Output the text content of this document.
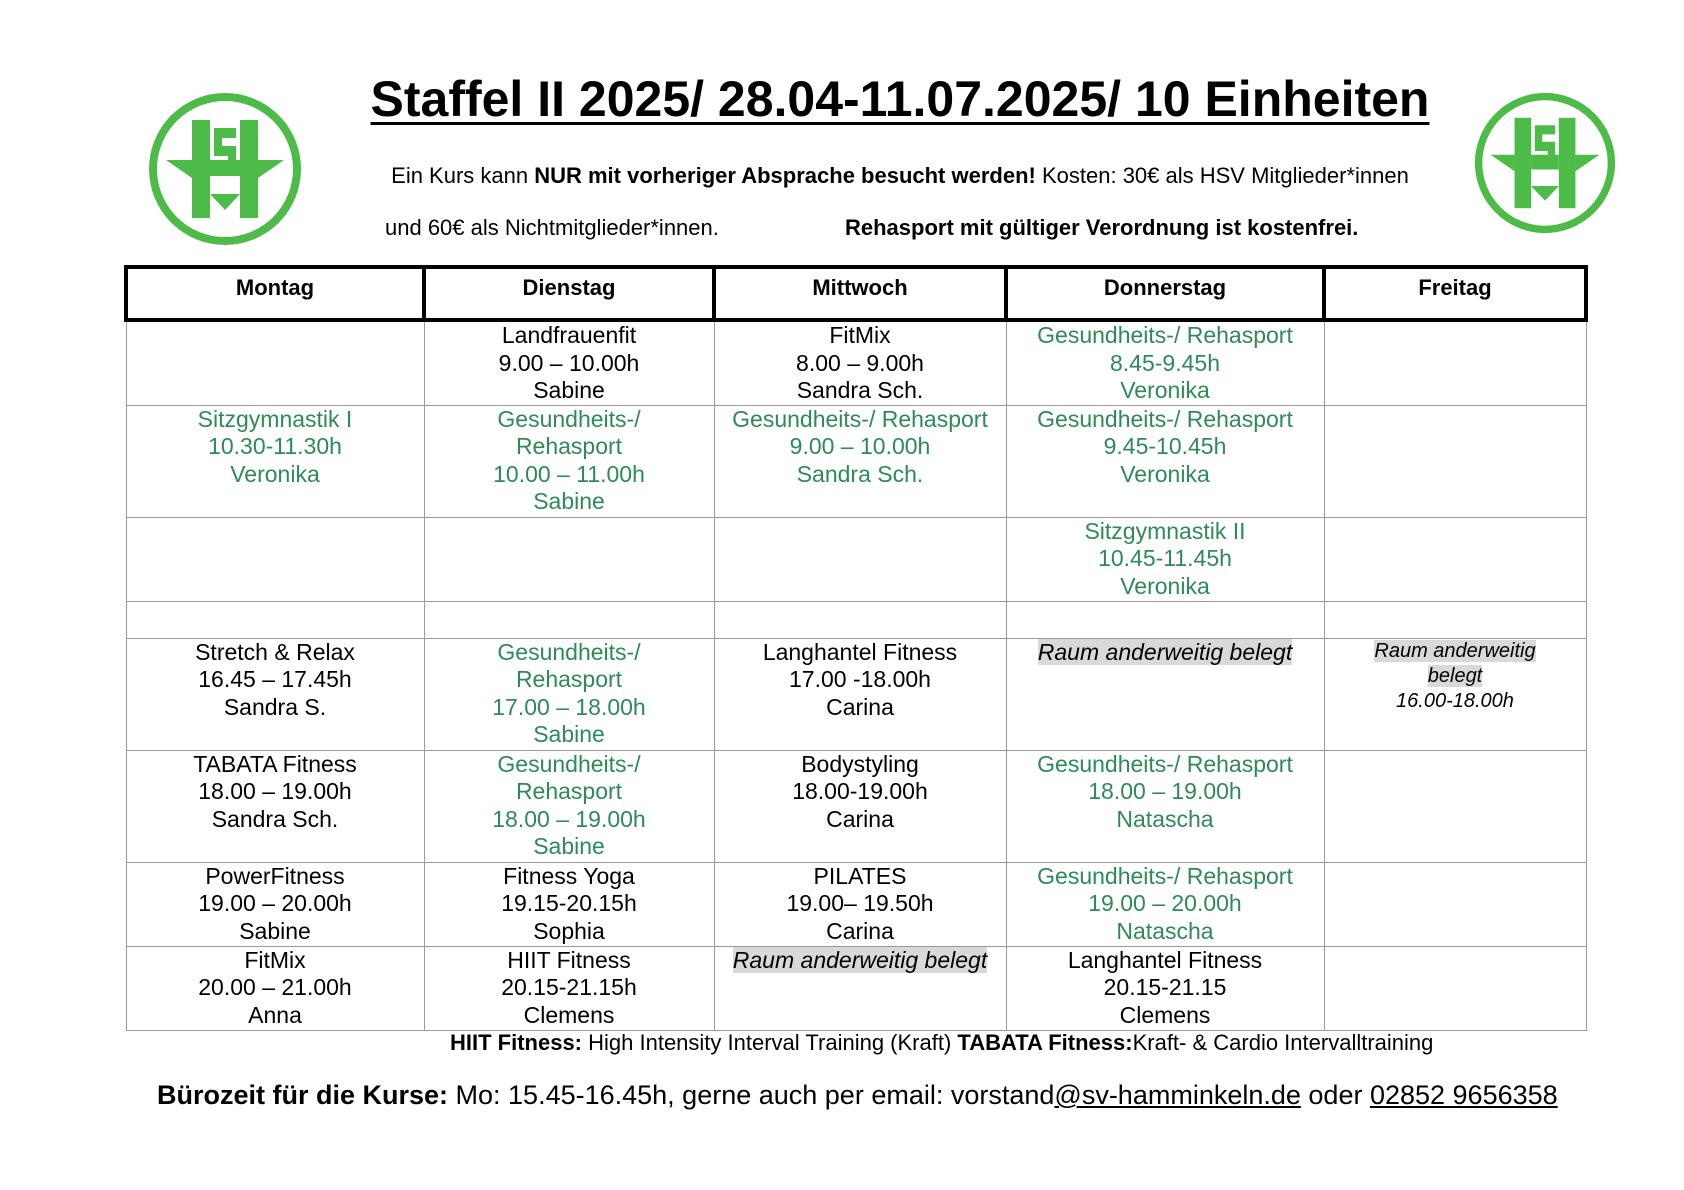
Staffel II 2025/ 28.04-11.07.2025/ 10 Einheiten
Ein Kurs kann NUR mit vorheriger Absprache besucht werden! Kosten: 30€ als HSV Mitglieder*innen
und 60€ als Nichtmitglieder*innen.	Rehasport mit gültiger Verordnung ist kostenfrei.
Montag	Dienstag	Mittwoch	Donnerstag	Freitag

	Landfrauenfit
9.00 – 10.00h
Sabine	FitMix
8.00 – 9.00h
Sandra Sch.	Gesundheits-/ Rehasport
8.45-9.45h
Veronika	

Sitzgymnastik I
10.30-11.30h
Veronika	Gesundheits-/
Rehasport
10.00 – 11.00h
Sabine	Gesundheits-/ Rehasport
9.00 – 10.00h
Sandra Sch.	Gesundheits-/ Rehasport
9.45-10.45h
Veronika	

			Sitzgymnastik II
10.45-11.45h
Veronika	

Stretch & Relax
16.45 – 17.45h
Sandra S.	Gesundheits-/
Rehasport
17.00 – 18.00h
Sabine	Langhantel Fitness
17.00 -18.00h
Carina	Raum anderweitig belegt	Raum anderweitig
belegt
16.00-18.00h

TABATA Fitness
18.00 – 19.00h
Sandra Sch.	Gesundheits-/
Rehasport
18.00 – 19.00h
Sabine	Bodystyling
18.00-19.00h
Carina	Gesundheits-/ Rehasport
18.00 – 19.00h
Natascha	

PowerFitness
19.00 – 20.00h
Sabine	Fitness Yoga
19.15-20.15h
Sophia	PILATES
19.00– 19.50h
Carina	Gesundheits-/ Rehasport
19.00 – 20.00h
Natascha	

FitMix
20.00 – 21.00h
Anna	HIIT Fitness
20.15-21.15h
Clemens	Raum anderweitig belegt	Langhantel Fitness
20.15-21.15
Clemens	

HIIT Fitness: High Intensity Interval Training (Kraft) TABATA Fitness:Kraft- & Cardio Intervalltraining
Bürozeit für die Kurse: Mo: 15.45-16.45h, gerne auch per email: vorstand@sv-hamminkeln.de oder 02852 9656358
